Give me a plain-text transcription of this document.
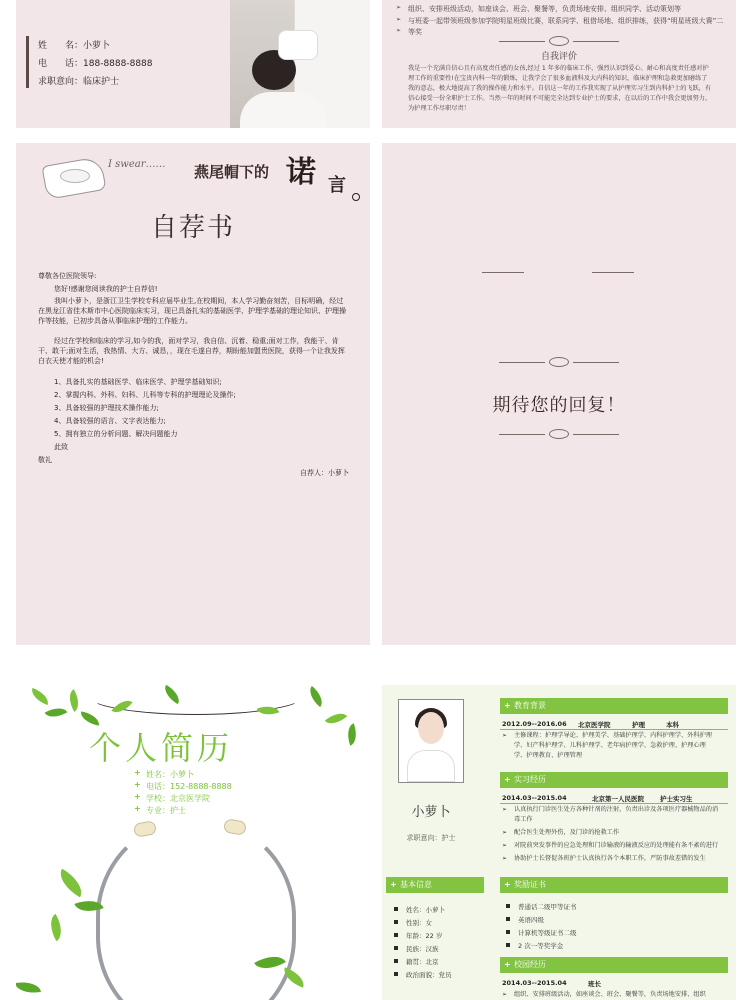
姓　　名：小萝卜
电　　话：188-8888-8888
求职意向：临床护士
➢ 组织、安排班级活动，如座谈会、班会、聚餐等，负责场地安排、组织同学、活动策划等
➢ 与班委一起带领班级参加学院明星班级比赛，联系同学、租借场地、组织排练，获得“明星班级大赛”二
➢ 等奖
自我评价
我是一个充满自信心且有高度责任感的女孩,经过 1 年多的临床工作，强烈认识到爱心、耐心和高度责任感对护理工作的重要性!在宝贵内科一年的锻炼，让我学会了很多血液科及大内科的知识，临床护理和急救更加磨练了我的意志，极大地提高了我的操作能力和水平。自信这一年的工作我实现了从护理实习生到内科护士的飞跃，有信心接受一份全职护士工作。当然一年的时间不可能完全达到专业护士的要求，在以后的工作中我会更加努力，为护理工作尽职尽责！
I swear…… 燕尾帽下的 诺 言
自荐书
尊敬各位医院领导:
您好!感谢您阅读我的护士自荐信!
我叫小萝卜，是浙江卫生学校专科应届毕业生,在校期间，本人学习勤奋刻苦，目标明确，经过在黑龙江省佳木斯市中心医院临床实习，现已具备扎实的基础医学、护理学基础的理论知识、护理操作等技能，已初步具备从事临床护理的工作能力。
经过在学校和临床的学习,如今的我，面对学习，我自信、沉着、稳重;面对工作，我能干、肯干、敢干;面对生活，我热情、大方、诚恳，，现在毛遂自荐，期盼能加盟贵医院，获得一个让我发挥白衣天使才能的机会!
1、具备扎实的基础医学、临床医学、护理学基础知识;
2、掌握内科、外科、妇科、儿科等专科的护理理论及操作;
3、具备较强的护理技术操作能力;
4、具备较强的语言、文字表达能力;
5、拥有独立的分析问题、解决问题能力
此致
敬礼
自荐人：小萝卜
期待您的回复！
个人简历
+ 姓名：小萝卜
+ 电话：152-8888-8888
+ 学校：北京医学院
+ 专业：护士	小萝卜
求职意向：护士
+ 教育背景
2012.09--2016.06 北京医学院	护理	本科
➢ 主修课程：护理学导论、护理美学、基础护理学、内科护理学、外科护理学、妇产科护理学、儿科护理学、老年病护理学、急救护理、护理心理学、护理教育、护理管理
+ 实习经历
2014.03--2015.04	北京第一人民医院 护士实习生
➢ 认真执行门诊医生处方各种针剂的注射，负责出诊及各项医疗器械物品的消毒工作
➢ 配合医生处理外伤，及门诊的抢救工作
➢ 对院前突发事件的应急处理和门诊输液的输液反应的处理能有条不紊的进行
➢ 协助护士长督促各班护士认真执行各个本职工作，严防事故差错的发生
+ 基本信息
姓名：小萝卜
性别：女
年龄：22 岁
民族：汉族
籍贯：北京
政治面貌：党员
+ 奖励证书
普通话二级甲等证书
英语四级
计算机等级证书二级
2 次一等奖学金
+ 校园经历
2014.03--2015.04	班长
➢ 组织、安排班级活动，如座谈会、班会、聚餐等，负责场地安排、组织
